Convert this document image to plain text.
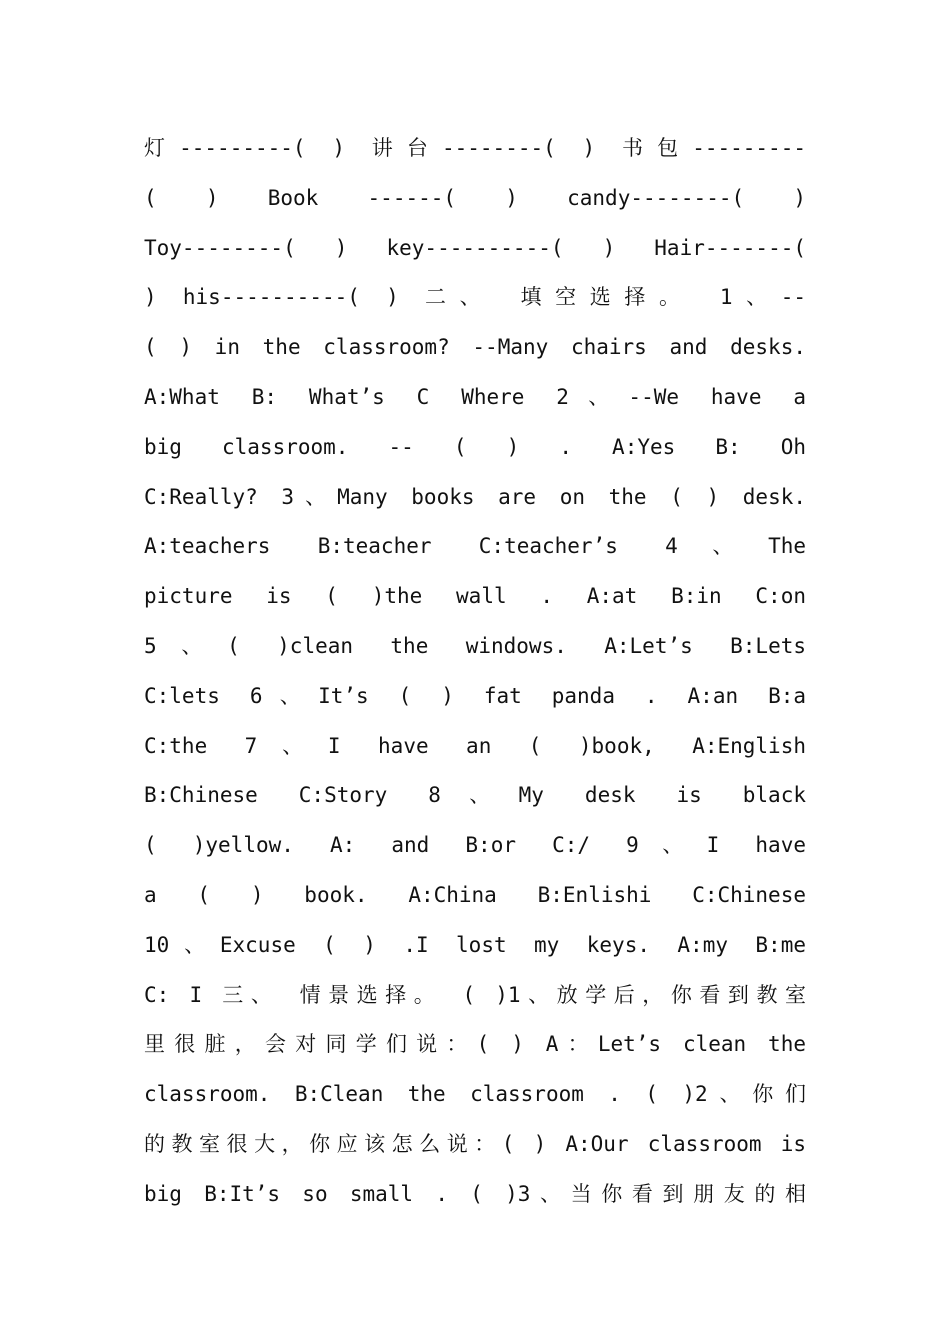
灯---------( ) 讲台--------( ) 书包---------
( ) Book ------( ) candy--------( )
Toy--------( ) key----------( ) Hair-------(
) his----------( ) 二、 填空选择。 1、--
( ) in the classroom? --Many chairs and desks.
A:What B: What’s C Where 2、--We have a
big classroom. -- ( ) . A:Yes B: Oh
C:Really? 3、Many books are on the ( ) desk.
A:teachers B:teacher C:teacher’s 4、The
picture is ( )the wall . A:at B:in C:on
5、( )clean the windows. A:Let’s B:Lets
C:lets 6、It’s ( ) fat panda . A:an B:a
C:the 7、I have an ( )book, A:English
B:Chinese C:Story 8、My desk is black
( )yellow. A: and B:or C:/ 9、I have
a ( ) book. A:China B:Enlishi C:Chinese
10、Excuse ( ) .I lost my keys. A:my B:me
C: I 三、 情景选择。 ( )1、放学后，你看到教室
里很脏，会对同学们说：( ) A：Let’s clean the
classroom. B:Clean the classroom . ( )2、你们
的教室很大，你应该怎么说：( ) A:Our classroom is
big B:It’s so small . ( )3、当你看到朋友的相
